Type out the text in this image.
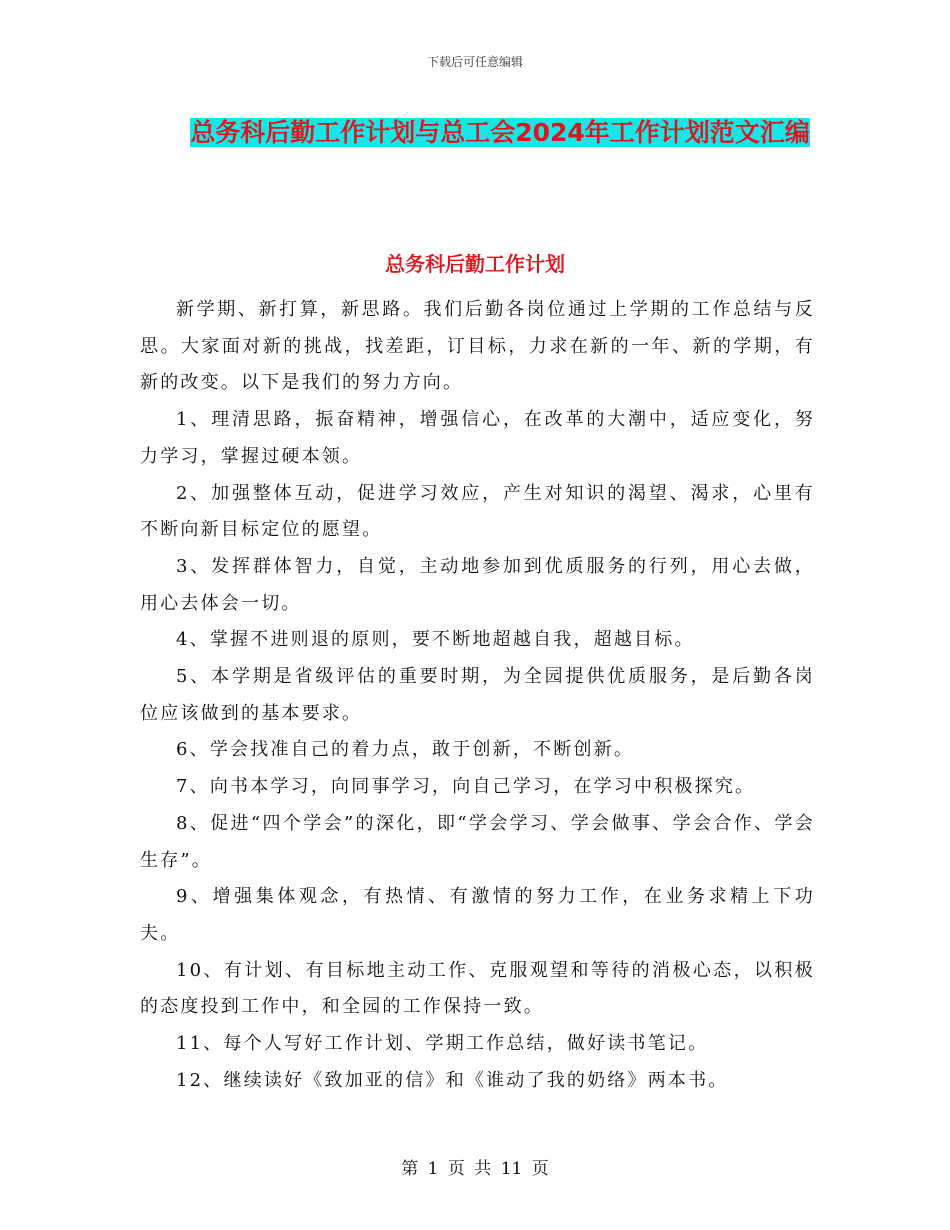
下载后可任意编辑
总务科后勤工作计划与总工会2024年工作计划范文汇编
总务科后勤工作计划

新学期、新打算，新思路。我们后勤各岗位通过上学期的工作总结与反思。大家面对新的挑战，找差距，订目标，力求在新的一年、新的学期，有新的改变。以下是我们的努力方向。

1、理清思路，振奋精神，增强信心，在改革的大潮中，适应变化，努力学习，掌握过硬本领。

2、加强整体互动，促进学习效应，产生对知识的渴望、渴求，心里有不断向新目标定位的愿望。

3、发挥群体智力，自觉，主动地参加到优质服务的行列，用心去做，用心去体会一切。

4、掌握不进则退的原则，要不断地超越自我，超越目标。

5、本学期是省级评估的重要时期，为全园提供优质服务，是后勤各岗位应该做到的基本要求。

6、学会找准自己的着力点，敢于创新，不断创新。

7、向书本学习，向同事学习，向自己学习，在学习中积极探究。

8、促进“四个学会”的深化，即“学会学习、学会做事、学会合作、学会生存”。

9、增强集体观念，有热情、有激情的努力工作，在业务求精上下功夫。

10、有计划、有目标地主动工作、克服观望和等待的消极心态，以积极的态度投到工作中，和全园的工作保持一致。

11、每个人写好工作计划、学期工作总结，做好读书笔记。

12、继续读好《致加亚的信》和《谁动了我的奶络》两本书。

第 1 页 共 11 页
